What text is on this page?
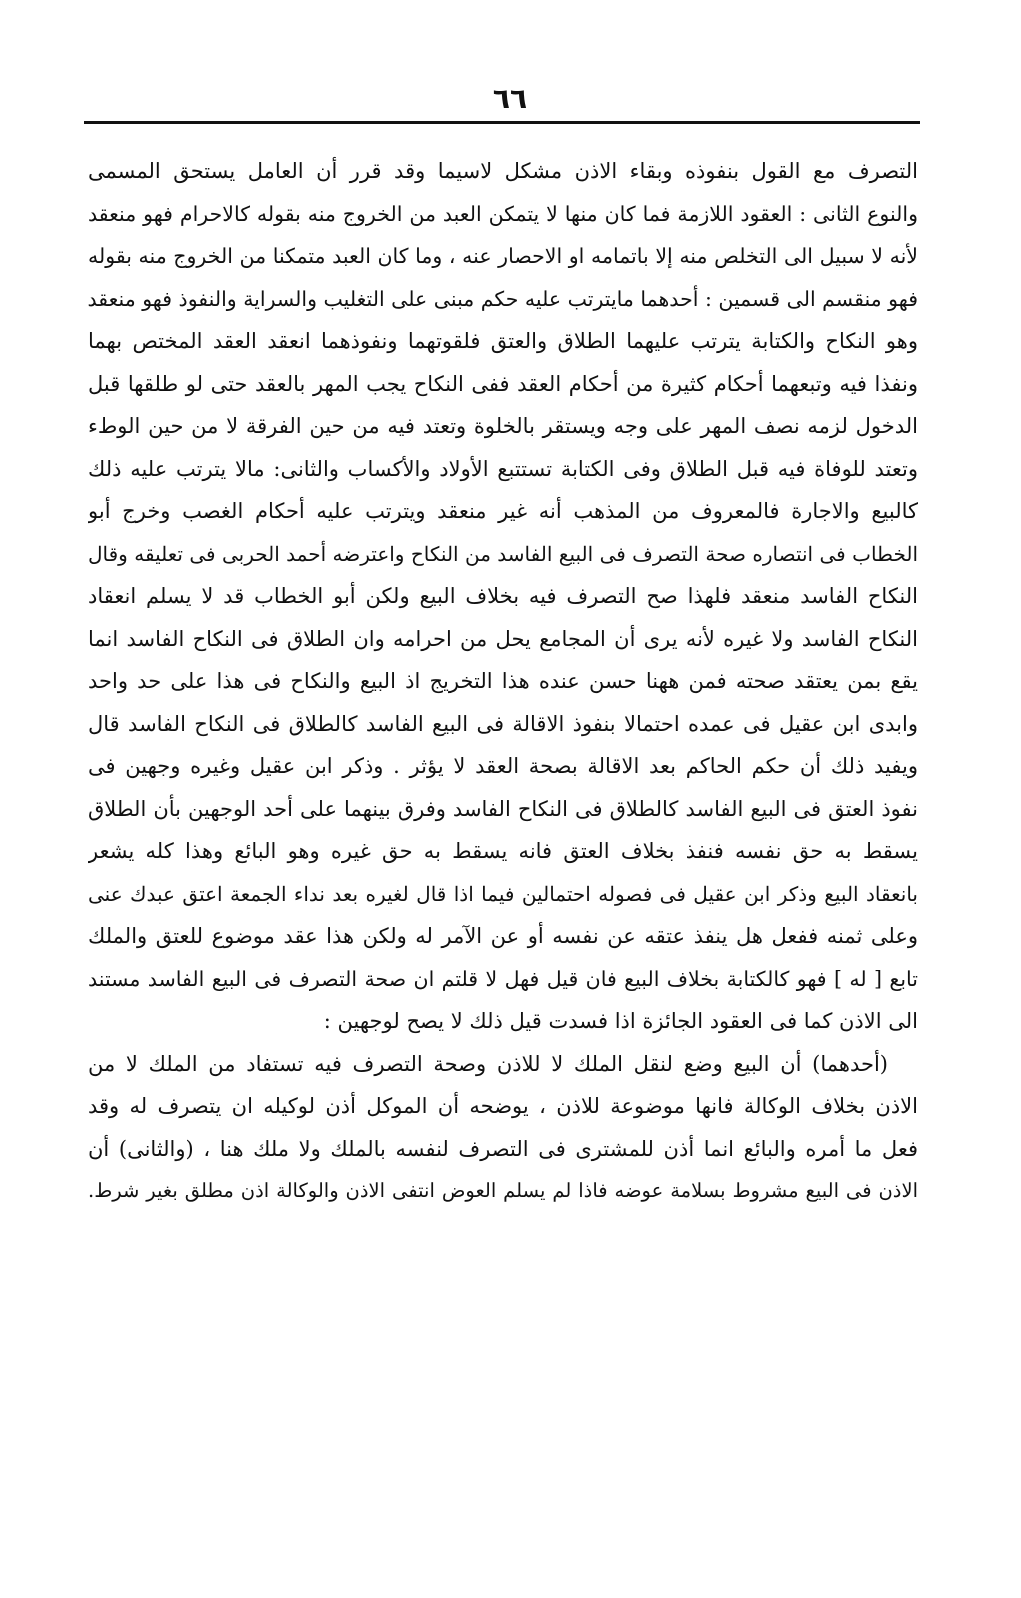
٦٦
التصرف مع القول بنفوذه وبقاء الاذن مشكل لاسيما وقد قرر أن العامل يستحق المسمى
والنوع الثانى : العقود اللازمة فما كان منها لا يتمكن العبد من الخروج منه بقوله كالاحرام فهو منعقد
لأنه لا سبيل الى التخلص منه إلا باتمامه او الاحصار عنه ، وما كان العبد متمكنا من الخروج منه بقوله
فهو منقسم الى قسمين : أحدهما مايترتب عليه حكم مبنى على التغليب والسراية والنفوذ فهو منعقد
وهو النكاح والكتابة يترتب عليهما الطلاق والعتق فلقوتهما ونفوذهما انعقد العقد المختص بهما
ونفذا فيه وتبعهما أحكام كثيرة من أحكام العقد ففى النكاح يجب المهر بالعقد حتى لو طلقها قبل
الدخول لزمه نصف المهر على وجه ويستقر بالخلوة وتعتد فيه من حين الفرقة لا من حين الوطء
وتعتد للوفاة فيه قبل الطلاق وفى الكتابة تستتبع الأولاد والأكساب والثانى: مالا يترتب عليه ذلك
كالبيع والاجارة فالمعروف من المذهب أنه غير منعقد ويترتب عليه أحكام الغصب وخرج أبو
الخطاب فى انتصاره صحة التصرف فى البيع الفاسد من النكاح واعترضه أحمد الحربى فى تعليقه وقال
النكاح الفاسد منعقد فلهذا صح التصرف فيه بخلاف البيع ولكن أبو الخطاب قد لا يسلم انعقاد
النكاح الفاسد ولا غيره لأنه يرى أن المجامع يحل من احرامه وان الطلاق فى النكاح الفاسد انما
يقع بمن يعتقد صحته فمن ههنا حسن عنده هذا التخريج اذ البيع والنكاح فى هذا على حد واحد
وابدى ابن عقيل فى عمده احتمالا بنفوذ الاقالة فى البيع الفاسد كالطلاق فى النكاح الفاسد قال
ويفيد ذلك أن حكم الحاكم بعد الاقالة بصحة العقد لا يؤثر . وذكر ابن عقيل وغيره وجهين فى
نفوذ العتق فى البيع الفاسد كالطلاق فى النكاح الفاسد وفرق بينهما على أحد الوجهين بأن الطلاق
يسقط به حق نفسه فنفذ بخلاف العتق فانه يسقط به حق غيره وهو البائع وهذا كله يشعر
بانعقاد البيع وذكر ابن عقيل فى فصوله احتمالين فيما اذا قال لغيره بعد نداء الجمعة اعتق عبدك عنى
وعلى ثمنه ففعل هل ينفذ عتقه عن نفسه أو عن الآمر له ولكن هذا عقد موضوع للعتق والملك
تابع [ له ] فهو كالكتابة بخلاف البيع فان قيل فهل لا قلتم ان صحة التصرف فى البيع الفاسد مستند
الى الاذن كما فى العقود الجائزة اذا فسدت قيل ذلك لا يصح لوجهين :
(أحدهما) أن البيع وضع لنقل الملك لا للاذن وصحة التصرف فيه تستفاد من الملك لا من
الاذن بخلاف الوكالة فانها موضوعة للاذن ، يوضحه أن الموكل أذن لوكيله ان يتصرف له وقد
فعل ما أمره والبائع انما أذن للمشترى فى التصرف لنفسه بالملك ولا ملك هنا ، (والثانى) أن
الاذن فى البيع مشروط بسلامة عوضه فاذا لم يسلم العوض انتفى الاذن والوكالة اذن مطلق بغير شرط.
